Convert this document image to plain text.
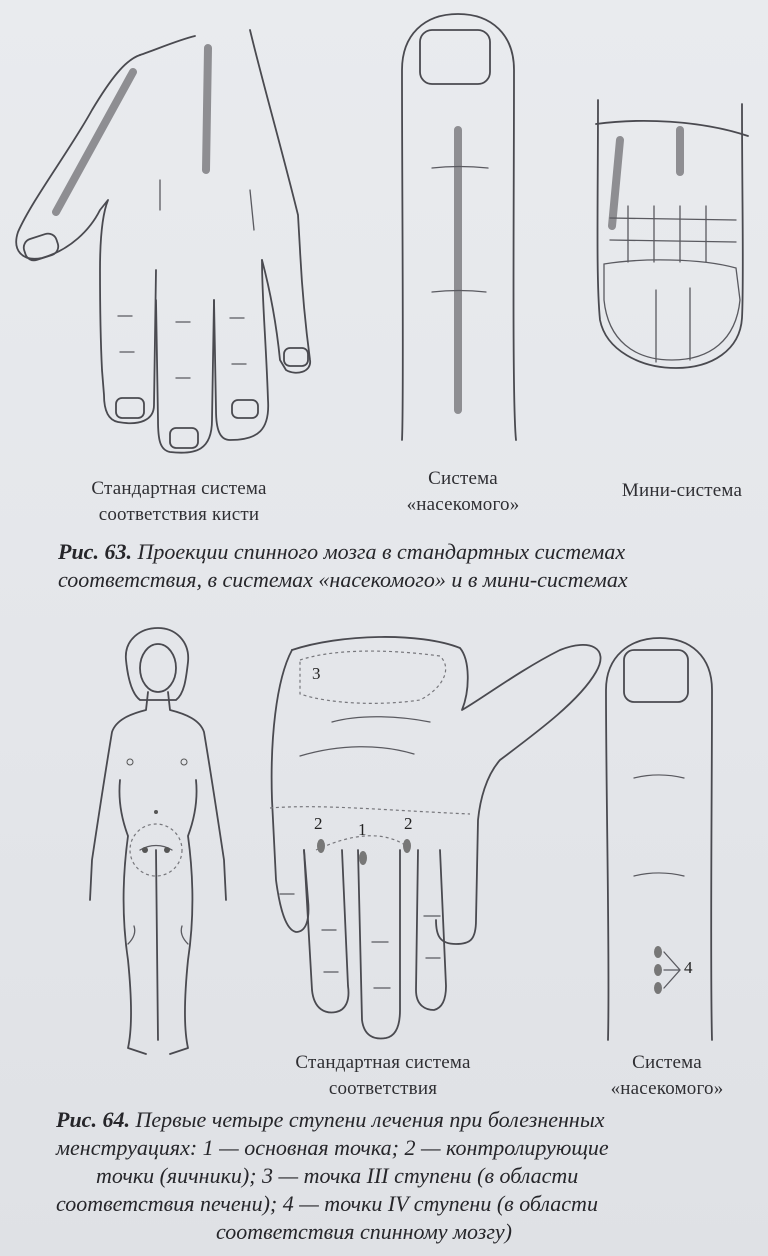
Стандартная система
соответствия кисти
Система
«насекомого»
Мини-система
Рис. 63. Проекции спинного мозга в стандартных системах
соответствия, в системах «насекомого» и в мини-системах
3
2 1 2
4
Стандартная система
соответствия
Система
«насекомого»
Рис. 64. Первые четыре ступени лечения при болезненных
менструациях: 1 — основная точка; 2 — контролирующие
точки (яичники); 3 — точка III ступени (в области
соответствия печени); 4 — точки IV ступени (в области
соответствия спинному мозгу)
